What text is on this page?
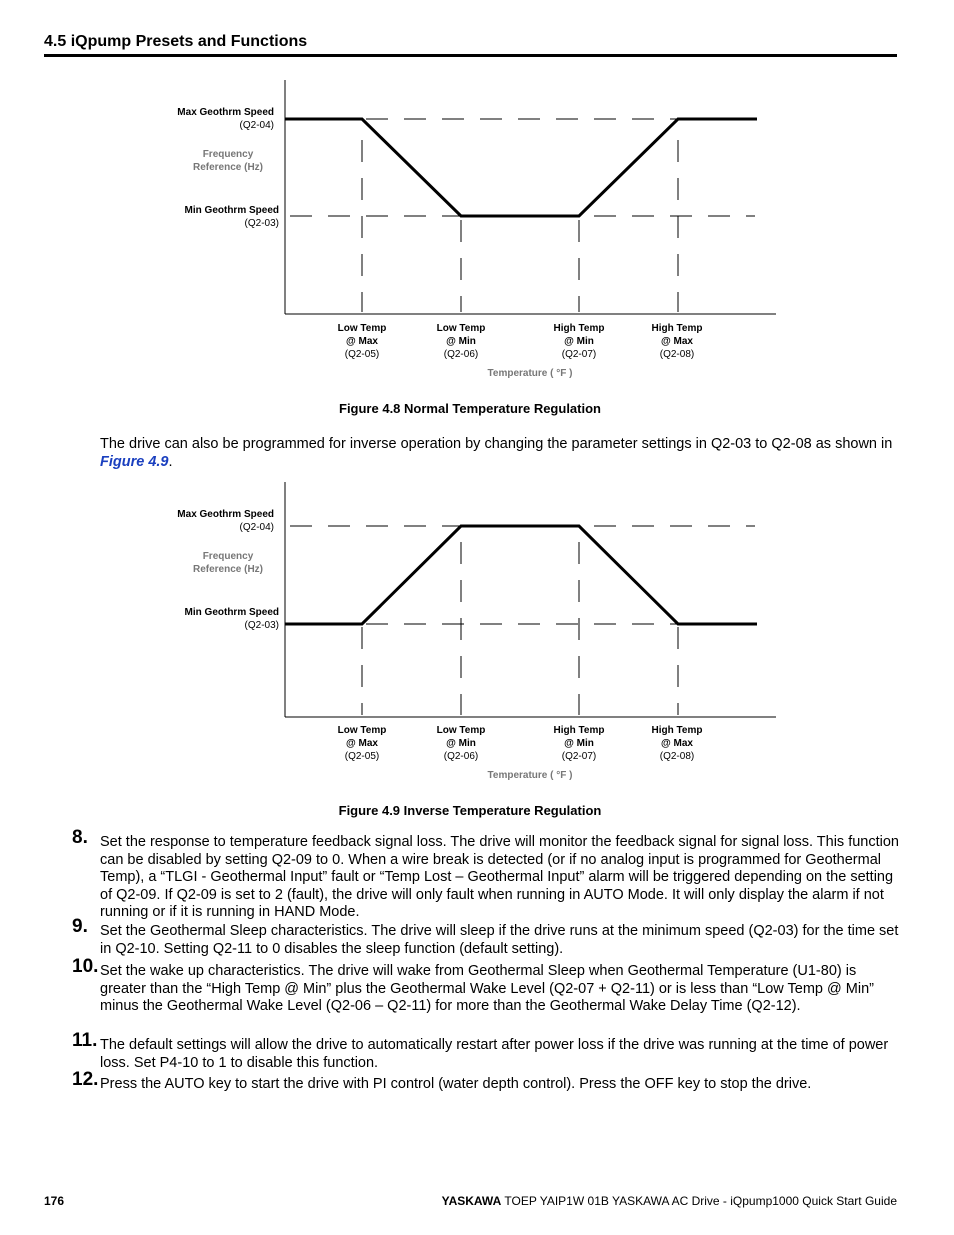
4.5 iQpump Presets and Functions
Max Geothrm Speed
(Q2-04)
Frequency
Reference (Hz)
Min Geothrm Speed
(Q2-03)
Low Temp
@ Max
(Q2-05)
Low Temp
@ Min
(Q2-06)
High Temp
@ Min
(Q2-07)
High Temp
@ Max
(Q2-08)
Temperature ( °F )
Figure 4.8 Normal Temperature Regulation
The drive can also be programmed for inverse operation by changing the parameter settings in Q2-03 to Q2-08 as shown in Figure 4.9.
Max Geothrm Speed
(Q2-04)
Frequency
Reference (Hz)
Min Geothrm Speed
(Q2-03)
Low Temp
@ Max
(Q2-05)
Low Temp
@ Min
(Q2-06)
High Temp
@ Min
(Q2-07)
High Temp
@ Max
(Q2-08)
Temperature ( °F )
Figure 4.9 Inverse Temperature Regulation
8. Set the response to temperature feedback signal loss. The drive will monitor the feedback signal for signal loss. This function can be disabled by setting Q2-09 to 0. When a wire break is detected (or if no analog input is programmed for Geothermal Temp), a “TLGI - Geothermal Input” fault or “Temp Lost – Geothermal Input” alarm will be triggered depending on the setting of Q2-09. If Q2-09 is set to 2 (fault), the drive will only fault when running in AUTO Mode. It will only display the alarm if not running or if it is running in HAND Mode.
9. Set the Geothermal Sleep characteristics. The drive will sleep if the drive runs at the minimum speed (Q2-03) for the time set in Q2-10. Setting Q2-11 to 0 disables the sleep function (default setting).
10. Set the wake up characteristics. The drive will wake from Geothermal Sleep when Geothermal Temperature (U1-80) is greater than the “High Temp @ Min” plus the Geothermal Wake Level (Q2-07 + Q2-11) or is less than “Low Temp @ Min” minus the Geothermal Wake Level (Q2-06 – Q2-11) for more than the Geothermal Wake Delay Time (Q2-12).
11. The default settings will allow the drive to automatically restart after power loss if the drive was running at the time of power loss. Set P4-10 to 1 to disable this function.
12. Press the AUTO key to start the drive with PI control (water depth control). Press the OFF key to stop the drive.
176	YASKAWA TOEP YAIP1W 01B YASKAWA AC Drive - iQpump1000 Quick Start Guide
